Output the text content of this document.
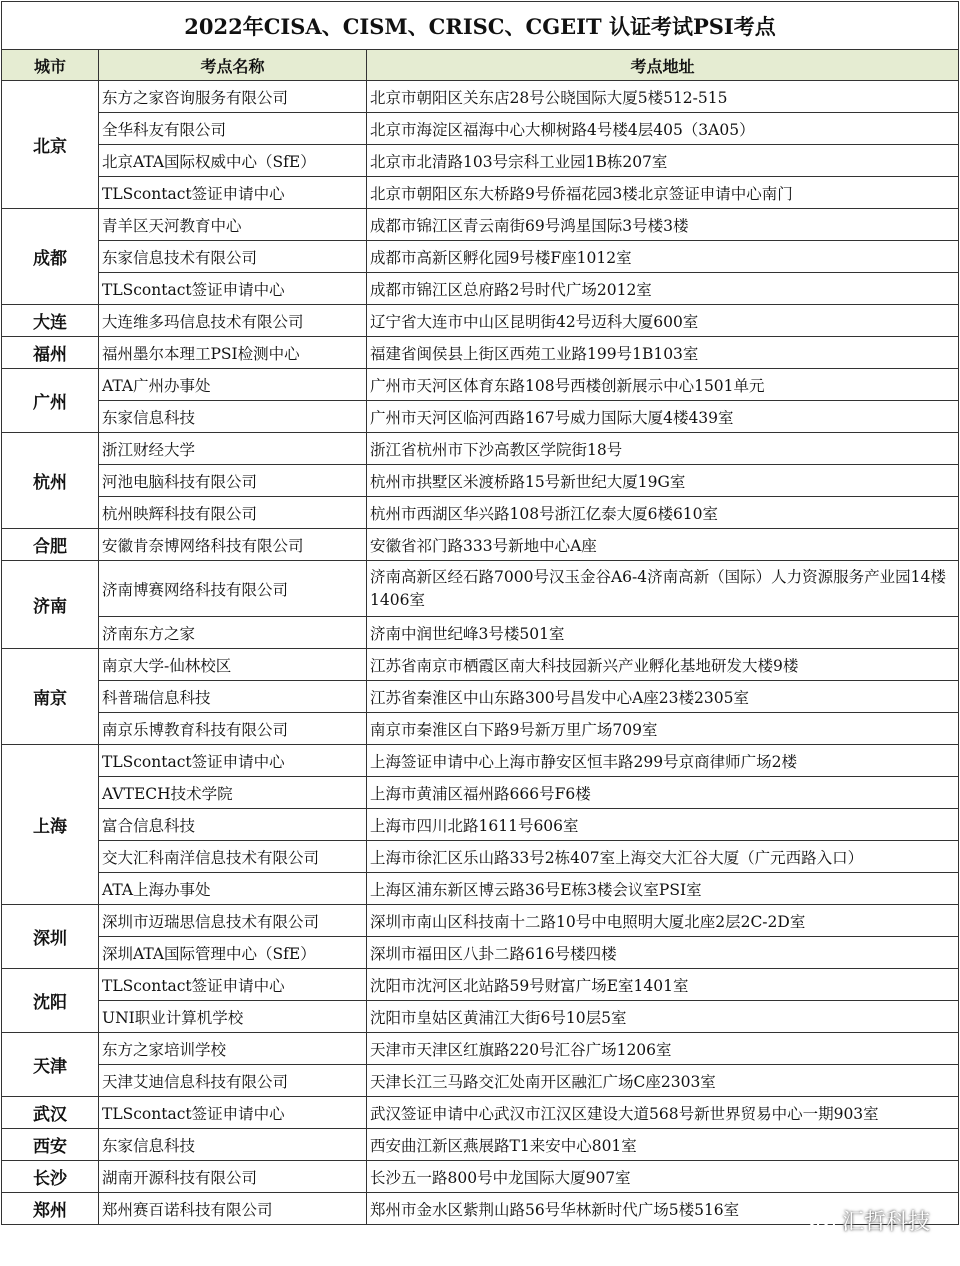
2022年CISA、CISM、CRISC、CGEIT 认证考试PSI考点		
城市	考点名称	考点地址
北京	东方之家咨询服务有限公司	北京市朝阳区关东店28号公晓国际大厦5楼512-515
	全华科友有限公司	北京市海淀区福海中心大柳树路4号楼4层405（3A05）
	北京ATA国际权威中心（SfE）	北京市北清路103号宗科工业园1B栋207室
	TLScontact签证申请中心	北京市朝阳区东大桥路9号侨福花园3楼北京签证申请中心南门
成都	青羊区天河教育中心	成都市锦江区青云南街69号鸿星国际3号楼3楼
	东家信息技术有限公司	成都市高新区孵化园9号楼F座1012室
	TLScontact签证申请中心	成都市锦江区总府路2号时代广场2012室
大连	大连维多玛信息技术有限公司	辽宁省大连市中山区昆明街42号迈科大厦600室
福州	福州墨尔本理工PSI检测中心	福建省闽侯县上街区西苑工业路199号1B103室
广州	ATA广州办事处	广州市天河区体育东路108号西楼创新展示中心1501单元
	东家信息科技	广州市天河区临河西路167号威力国际大厦4楼439室
杭州	浙江财经大学	浙江省杭州市下沙高教区学院街18号
	河池电脑科技有限公司	杭州市拱墅区米渡桥路15号新世纪大厦19G室
	杭州映辉科技有限公司	杭州市西湖区华兴路108号浙江亿泰大厦6楼610室
合肥	安徽肯奈博网络科技有限公司	安徽省祁门路333号新地中心A座
济南	济南博赛网络科技有限公司	济南高新区经石路7000号汉玉金谷A6-4济南高新（国际）人力资源服务产业园14楼1406室
	济南东方之家	济南中润世纪峰3号楼501室
南京	南京大学-仙林校区	江苏省南京市栖霞区南大科技园新兴产业孵化基地研发大楼9楼
	科普瑞信息科技	江苏省秦淮区中山东路300号昌发中心A座23楼2305室
	南京乐博教育科技有限公司	南京市秦淮区白下路9号新万里广场709室
上海	TLScontact签证申请中心	上海签证申请中心上海市静安区恒丰路299号京商律师广场2楼
	AVTECH技术学院	上海市黄浦区福州路666号F6楼
	富合信息科技	上海市四川北路1611号606室
	交大汇科南洋信息技术有限公司	上海市徐汇区乐山路33号2栋407室上海交大汇谷大厦（广元西路入口）
	ATA上海办事处	上海区浦东新区博云路36号E栋3楼会议室PSI室
深圳	深圳市迈瑞思信息技术有限公司	深圳市南山区科技南十二路10号中电照明大厦北座2层2C-2D室
	深圳ATA国际管理中心（SfE）	深圳市福田区八卦二路616号楼四楼
沈阳	TLScontact签证申请中心	沈阳市沈河区北站路59号财富广场E室1401室
	UNI职业计算机学校	沈阳市皇姑区黄浦江大街6号10层5室
天津	东方之家培训学校	天津市天津区红旗路220号汇谷广场1206室
	天津艾迪信息科技有限公司	天津长江三马路交汇处南开区融汇广场C座2303室
武汉	TLScontact签证申请中心	武汉签证申请中心武汉市江汉区建设大道568号新世界贸易中心一期903室
西安	东家信息科技	西安曲江新区燕展路T1来安中心801室
长沙	湖南开源科技有限公司	长沙五一路800号中龙国际大厦907室
郑州	郑州赛百诺科技有限公司	郑州市金水区紫荆山路56号华林新时代广场5楼516室
汇哲科技
